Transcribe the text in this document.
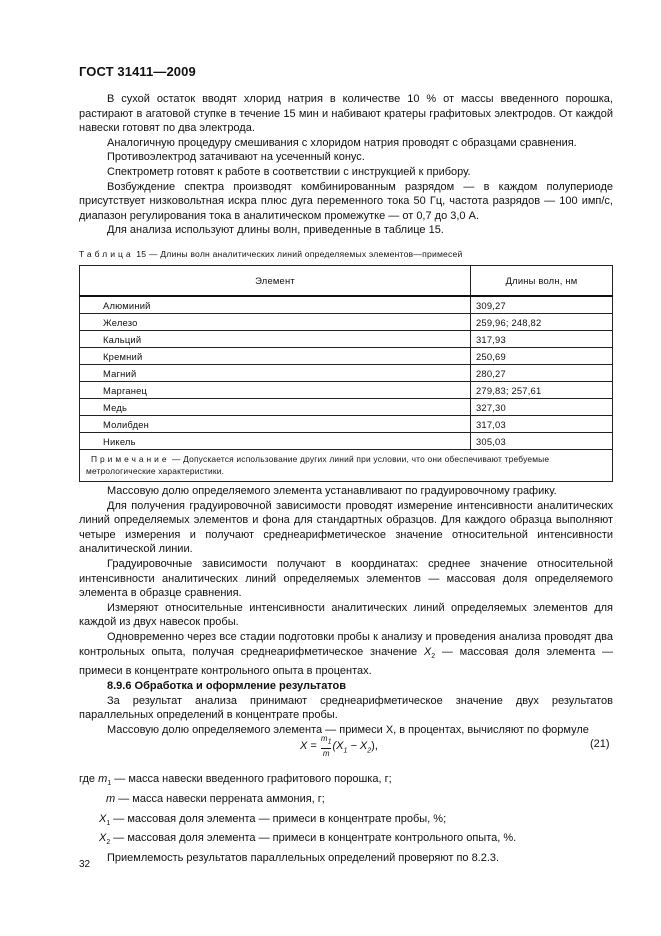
ГОСТ 31411—2009
В сухой остаток вводят хлорид натрия в количестве 10 % от массы введенного порошка, растирают в агатовой ступке в течение 15 мин и набивают кратеры графитовых электродов. От каждой навески готовят по два электрода.
Аналогичную процедуру смешивания с хлоридом натрия проводят с образцами сравнения.
Противоэлектрод затачивают на усеченный конус.
Спектрометр готовят к работе в соответствии с инструкцией к прибору.
Возбуждение спектра производят комбинированным разрядом — в каждом полупериоде присутствует низковольтная искра плюс дуга переменного тока 50 Гц, частота разрядов — 100 имп/с, диапазон регулирования тока в аналитическом промежутке — от 0,7 до 3,0 А.
Для анализа используют длины волн, приведенные в таблице 15.
Таблица 15 — Длины волн аналитических линий определяемых элементов—примесей
Элемент	Длины волн, нм
Алюминий	309,27
Железо	259,96; 248,82
Кальций	317,93
Кремний	250,69
Магний	280,27
Марганец	279,83; 257,61
Медь	327,30
Молибден	317,03
Никель	305,03
Примечание — Допускается использование других линий при условии, что они обеспечивают требуемые метрологические характеристики.	
Массовую долю определяемого элемента устанавливают по градуировочному графику.
Для получения градуировочной зависимости проводят измерение интенсивности аналитических линий определяемых элементов и фона для стандартных образцов. Для каждого образца выполняют четыре измерения и получают среднеарифметическое значение относительной интенсивности аналитической линии.
Градуировочные зависимости получают в координатах: среднее значение относительной интенсивности аналитических линий определяемых элементов — массовая доля определяемого элемента в образце сравнения.
Измеряют относительные интенсивности аналитических линий определяемых элементов для каждой из двух навесок пробы.
Одновременно через все стадии подготовки пробы к анализу и проведения анализа проводят два контрольных опыта, получая среднеарифметическое значение $X_2$ — массовая доля элемента — примеси в концентрате контрольного опыта в процентах.
8.9.6 Обработка и оформление результатов
За результат анализа принимают среднеарифметическое значение двух результатов параллельных определений в концентрате пробы.
Массовую долю определяемого элемента — примеси X, в процентах, вычисляют по формуле
$X = \frac{m_1}{m} (X_1 - X_2)$,	(21)
где $m_1$ — масса навески введенного графитового порошка, г;
m — масса навески перрената аммония, г;
$X_1$ — массовая доля элемента — примеси в концентрате пробы, %;
$X_2$ — массовая доля элемента — примеси в концентрате контрольного опыта, %.
Приемлемость результатов параллельных определений проверяют по 8.2.3.
32
